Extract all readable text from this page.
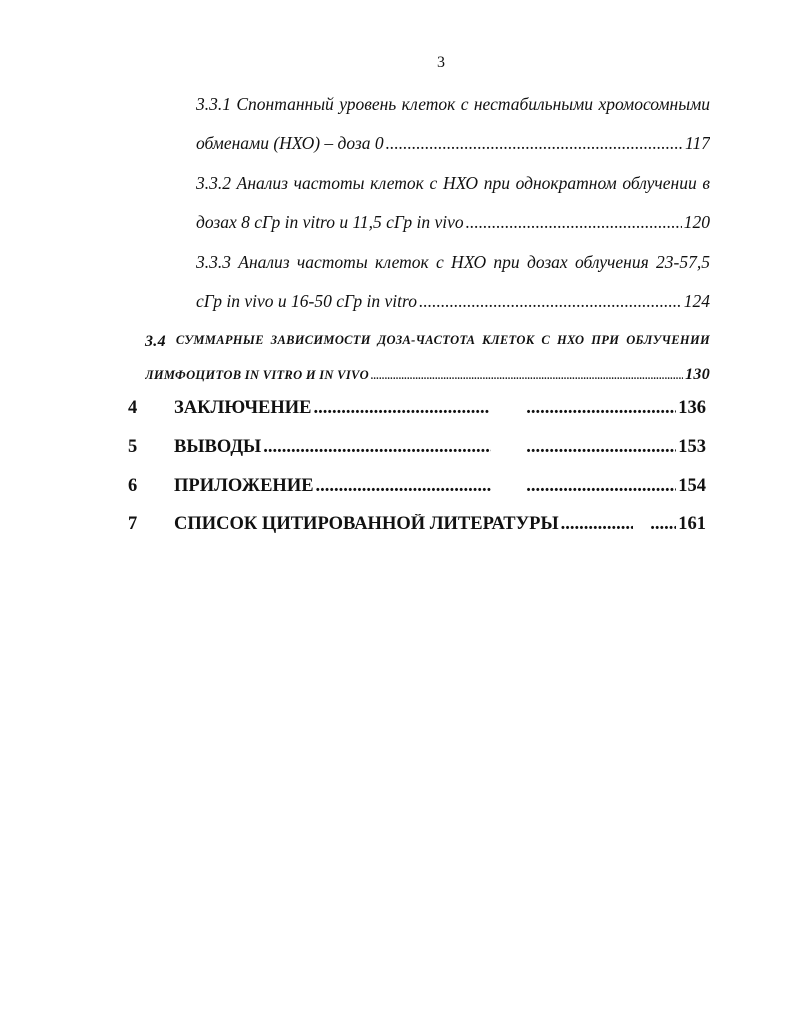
3
3.3.1 Спонтанный уровень клеток с нестабильными хромосомными
обменами (НХО) – доза 0 .....	117
3.3.2 Анализ частоты клеток с НХО при однократном облучении в
дозах 8 сГр in vitro и 11,5 сГр in vivo .....	120
3.3.3 Анализ частоты клеток с НХО при дозах облучения 23-57,5
сГр in vivo и 16-50 сГр in vitro .....	124
3.4 СУММАРНЫЕ ЗАВИСИМОСТИ ДОЗА-ЧАСТОТА КЛЕТОК С НХО ПРИ ОБЛУЧЕНИИ
ЛИМФОЦИТОВ IN VITRO И IN VIVO .....	130
4 ЗАКЛЮЧЕНИЕ ..... .....	136
5 ВЫВОДЫ ..... .....	153
6 ПРИЛОЖЕНИЕ ..... .....	154
7 СПИСОК ЦИТИРОВАННОЙ ЛИТЕРАТУРЫ ..... .....	161
